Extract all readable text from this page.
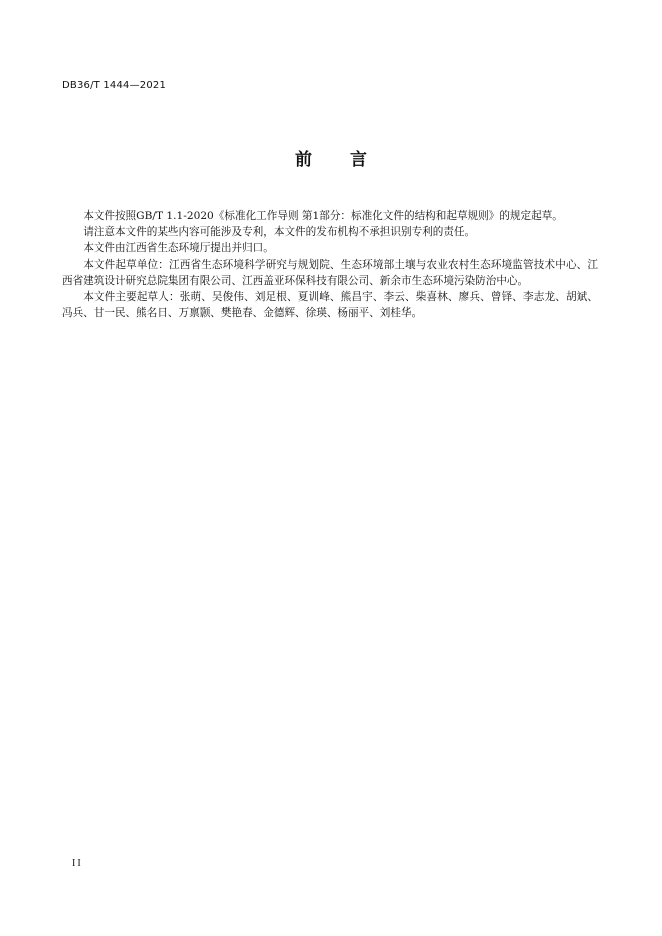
DB36/T 1444—2021
前言

本文件按照GB/T 1.1-2020《标准化工作导则 第1部分：标准化文件的结构和起草规则》的规定起草。

请注意本文件的某些内容可能涉及专利，本文件的发布机构不承担识别专利的责任。

本文件由江西省生态环境厅提出并归口。

本文件起草单位：江西省生态环境科学研究与规划院、生态环境部土壤与农业农村生态环境监管技术中心、江西省建筑设计研究总院集团有限公司、江西盖亚环保科技有限公司、新余市生态环境污染防治中心。

本文件主要起草人：张萌、吴俊伟、刘足根、夏训峰、熊昌宇、李云、柴喜林、廖兵、曾铎、李志龙、胡斌、冯兵、甘一民、熊名日、万禀颢、樊艳春、金德辉、徐瑛、杨丽平、刘桂华。

II
